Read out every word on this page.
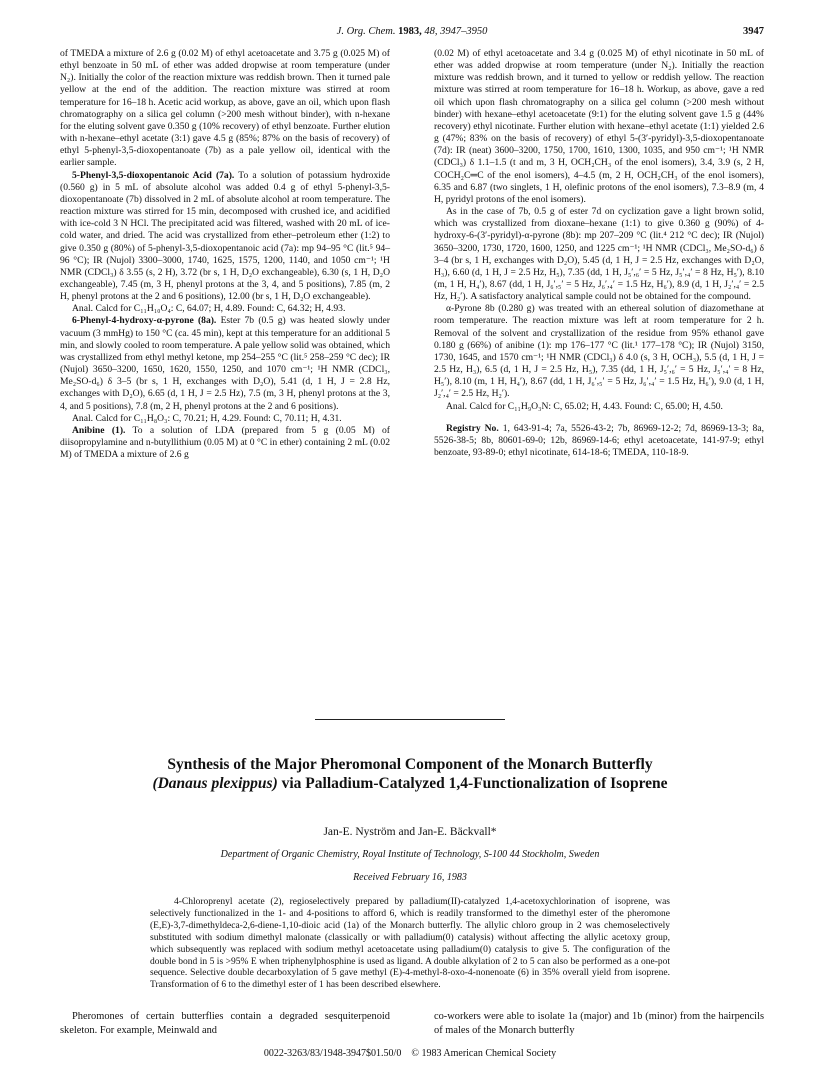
J. Org. Chem. 1983, 48, 3947–3950	3947

of TMEDA a mixture of 2.6 g (0.02 M) of ethyl acetoacetate and 3.75 g (0.025 M) of ethyl benzoate in 50 mL of ether was added dropwise at room temperature (under N₂). Initially the color of the reaction mixture was reddish brown. Then it turned pale yellow at the end of the addition. The reaction mixture was stirred at room temperature for 16–18 h. Acetic acid workup, as above, gave an oil, which upon flash chromatography on a silica gel column (>200 mesh without binder), with n-hexane for the eluting solvent gave 0.350 g (10% recovery) of ethyl benzoate. Further elution with n-hexane–ethyl acetate (3:1) gave 4.5 g (85%; 87% on the basis of recovery) of ethyl 5-phenyl-3,5-dioxopentanoate (7b) as a pale yellow oil, identical with the earlier sample.

5-Phenyl-3,5-dioxopentanoic Acid (7a). To a solution of potassium hydroxide (0.560 g) in 5 mL of absolute alcohol was added 0.4 g of ethyl 5-phenyl-3,5-dioxopentanoate (7b) dissolved in 2 mL of absolute alcohol at room temperature. The reaction mixture was stirred for 15 min, decomposed with crushed ice, and acidified with ice-cold 3 N HCl. The precipitated acid was filtered, washed with 20 mL of ice-cold water, and dried. The acid was crystallized from ether–petroleum ether (1:2) to give 0.350 g (80%) of 5-phenyl-3,5-dioxopentanoic acid (7a): mp 94–95 °C (lit.⁵ 94–96 °C); IR (Nujol) 3300–3000, 1740, 1625, 1575, 1200, 1140, and 1050 cm⁻¹; ¹H NMR (CDCl₃) δ 3.55 (s, 2 H), 3.72 (br s, 1 H, D₂O exchangeable), 6.30 (s, 1 H, D₂O exchangeable), 7.45 (m, 3 H, phenyl protons at the 3, 4, and 5 positions), 7.85 (m, 2 H, phenyl protons at the 2 and 6 positions), 12.00 (br s, 1 H, D₂O exchangeable).

Anal. Calcd for C₁₁H₁₀O₄: C, 64.07; H, 4.89. Found: C, 64.32; H, 4.93.

6-Phenyl-4-hydroxy-α-pyrone (8a). Ester 7b (0.5 g) was heated slowly under vacuum (3 mmHg) to 150 °C (ca. 45 min), kept at this temperature for an additional 5 min, and slowly cooled to room temperature. A pale yellow solid was obtained, which was crystallized from ethyl methyl ketone, mp 254–255 °C (lit.⁵ 258–259 °C dec); IR (Nujol) 3650–3200, 1650, 1620, 1550, 1250, and 1070 cm⁻¹; ¹H NMR (CDCl₃, Me₂SO-d₆) δ 3–5 (br s, 1 H, exchanges with D₂O), 5.41 (d, 1 H, J = 2.8 Hz, exchanges with D₂O), 6.65 (d, 1 H, J = 2.5 Hz), 7.5 (m, 3 H, phenyl protons at the 3, 4, and 5 positions), 7.8 (m, 2 H, phenyl protons at the 2 and 6 positions).

Anal. Calcd for C₁₁H₈O₃: C, 70.21; H, 4.29. Found: C, 70.11; H, 4.31.

Anibine (1). To a solution of LDA (prepared from 5 g (0.05 M) of diisopropylamine and n-butyllithium (0.05 M) at 0 °C in ether) containing 2 mL (0.02 M) of TMEDA a mixture of 2.6 g

(0.02 M) of ethyl acetoacetate and 3.4 g (0.025 M) of ethyl nicotinate in 50 mL of ether was added dropwise at room temperature (under N₂). Initially the reaction mixture was reddish brown, and it turned to yellow or reddish yellow. The reaction mixture was stirred at room temperature for 16–18 h. Workup, as above, gave a red oil which upon flash chromatography on a silica gel column (>200 mesh without binder) with hexane–ethyl acetoacetate (9:1) for the eluting solvent gave 1.5 g (44% recovery) ethyl nicotinate. Further elution with hexane–ethyl acetate (1:1) yielded 2.6 g (47%; 83% on the basis of recovery) of ethyl 5-(3′-pyridyl)-3,5-dioxopentanoate (7d): IR (neat) 3600–3200, 1750, 1700, 1610, 1300, 1035, and 950 cm⁻¹; ¹H NMR (CDCl₃) δ 1.1–1.5 (t and m, 3 H, OCH₂CH₃ of the enol isomers), 3.4, 3.9 (s, 2 H, COCH₂C═C of the enol isomers), 4–4.5 (m, 2 H, OCH₂CH₃ of the enol isomers), 6.35 and 6.87 (two singlets, 1 H, olefinic protons of the enol isomers), 7.3–8.9 (m, 4 H, pyridyl protons of the enol isomers).

As in the case of 7b, 0.5 g of ester 7d on cyclization gave a light brown solid, which was crystallized from dioxane–hexane (1:1) to give 0.360 g (90%) of 4-hydroxy-6-(3′-pyridyl)-α-pyrone (8b): mp 207–209 °C (lit.⁴ 212 °C dec); IR (Nujol) 3650–3200, 1730, 1720, 1600, 1250, and 1225 cm⁻¹; ¹H NMR (CDCl₃, Me₂SO-d₆) δ 3–4 (br s, 1 H, exchanges with D₂O), 5.45 (d, 1 H, J = 2.5 Hz, exchanges with D₂O, H₃), 6.60 (d, 1 H, J = 2.5 Hz, H₅), 7.35 (dd, 1 H, J₅′,₆′ = 5 Hz, J₅′,₄′ = 8 Hz, H₅′), 8.10 (m, 1 H, H₄′), 8.67 (dd, 1 H, J₆′,₅′ = 5 Hz, J₆′,₄′ = 1.5 Hz, H₆′), 8.9 (d, 1 H, J₂′,₄′ = 2.5 Hz, H₂′). A satisfactory analytical sample could not be obtained for the compound.

α-Pyrone 8b (0.280 g) was treated with an ethereal solution of diazomethane at room temperature. The reaction mixture was left at room temperature for 2 h. Removal of the solvent and crystallization of the residue from 95% ethanol gave 0.180 g (66%) of anibine (1): mp 176–177 °C (lit.¹ 177–178 °C); IR (Nujol) 3150, 1730, 1645, and 1570 cm⁻¹; ¹H NMR (CDCl₃) δ 4.0 (s, 3 H, OCH₃), 5.5 (d, 1 H, J = 2.5 Hz, H₃), 6.5 (d, 1 H, J = 2.5 Hz, H₅), 7.35 (dd, 1 H, J₅′,₆′ = 5 Hz, J₅′,₄′ = 8 Hz, H₅′), 8.10 (m, 1 H, H₄′), 8.67 (dd, 1 H, J₆′,₅′ = 5 Hz, J₆′,₄′ = 1.5 Hz, H₆′), 9.0 (d, 1 H, J₂′,₄′ = 2.5 Hz, H₂′).

Anal. Calcd for C₁₁H₉O₃N: C, 65.02; H, 4.43. Found: C, 65.00; H, 4.50.

Registry No. 1, 643-91-4; 7a, 5526-43-2; 7b, 86969-12-2; 7d, 86969-13-3; 8a, 5526-38-5; 8b, 80601-69-0; 12b, 86969-14-6; ethyl acetoacetate, 141-97-9; ethyl benzoate, 93-89-0; ethyl nicotinate, 614-18-6; TMEDA, 110-18-9.

Synthesis of the Major Pheromonal Component of the Monarch Butterfly
(Danaus plexippus) via Palladium-Catalyzed 1,4-Functionalization of Isoprene
Jan-E. Nyström and Jan-E. Bäckvall*
Department of Organic Chemistry, Royal Institute of Technology, S-100 44 Stockholm, Sweden
Received February 16, 1983

4-Chloroprenyl acetate (2), regioselectively prepared by palladium(II)-catalyzed 1,4-acetoxychlorination of isoprene, was selectively functionalized in the 1- and 4-positions to afford 6, which is readily transformed to the dimethyl ester of the pheromone (E,E)-3,7-dimethyldeca-2,6-diene-1,10-dioic acid (1a) of the Monarch butterfly. The allylic chloro group in 2 was chemoselectively substituted with sodium dimethyl malonate (classically or with palladium(0) catalysis) without affecting the allylic acetoxy group, which subsequently was replaced with sodium methyl acetoacetate using palladium(0) catalysis to give 5. The configuration of the double bond in 5 is >95% E when triphenylphosphine is used as ligand. A double alkylation of 2 to 5 can also be performed as a one-pot sequence. Selective double decarboxylation of 5 gave methyl (E)-4-methyl-8-oxo-4-nonenoate (6) in 35% overall yield from isoprene. Transformation of 6 to the dimethyl ester of 1 has been described elsewhere.

Pheromones of certain butterflies contain a degraded sesquiterpenoid skeleton. For example, Meinwald and

co-workers were able to isolate 1a (major) and 1b (minor) from the hairpencils of males of the Monarch butterfly

0022-3263/83/1948-3947$01.50/0 © 1983 American Chemical Society
